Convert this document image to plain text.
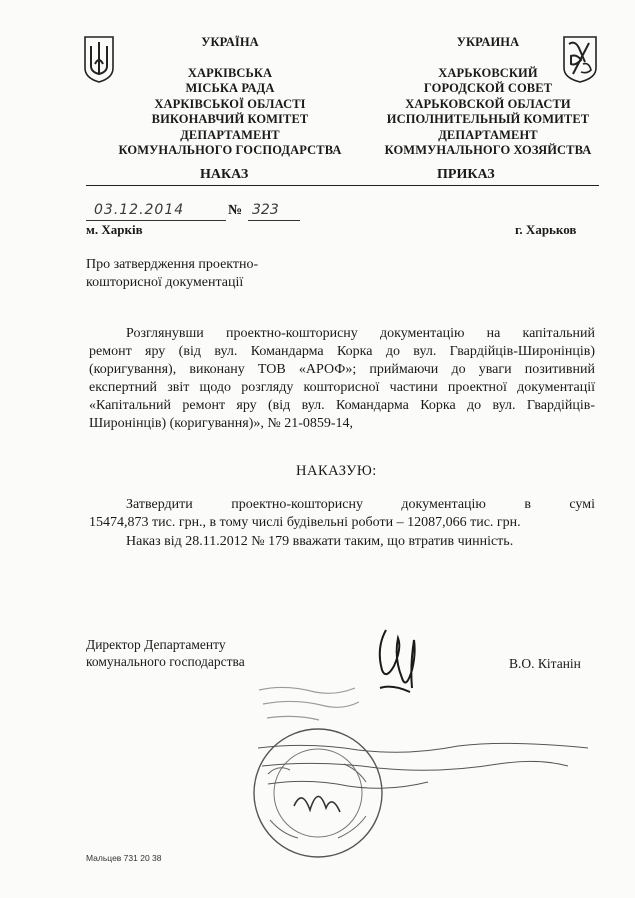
УКРАЇНА
ХАРКІВСЬКА
МІСЬКА РАДА
ХАРКІВСЬКОЇ ОБЛАСТІ
ВИКОНАВЧИЙ КОМІТЕТ
ДЕПАРТАМЕНТ
КОМУНАЛЬНОГО ГОСПОДАРСТВА
УКРАИНА
ХАРЬКОВСКИЙ
ГОРОДСКОЙ СОВЕТ
ХАРЬКОВСКОЙ ОБЛАСТИ
ИСПОЛНИТЕЛЬНЫЙ КОМИТЕТ
ДЕПАРТАМЕНТ
КОММУНАЛЬНОГО ХОЗЯЙСТВА
НАКАЗ	ПРИКАЗ
03.12.2014	№ 323
м. Харків	г. Харьков
Про затвердження проектно-
кошторисної документації
Розглянувши проектно-кошторисну документацію на капітальний
ремонт яру (від вул. Командарма Корка до вул. Гвардійців-Широнінців)
(коригування), виконану ТОВ «АРОФ»; приймаючи до уваги позитивний
експертний звіт щодо розгляду кошторисної частини проектної документації
«Капітальний ремонт яру (від вул. Командарма Корка до вул. Гвардійців-
Широнінців) (коригування)», № 21-0859-14,
НАКАЗУЮ:
Затвердити проектно-кошторисну документацію в сумі
15474,873 тис. грн., в тому числі будівельні роботи – 12087,066 тис. грн.
Наказ від 28.11.2012 № 179 вважати таким, що втратив чинність.
Директор Департаменту
комунального господарства	В.О. Кітанін
Мальцев 731 20 38
